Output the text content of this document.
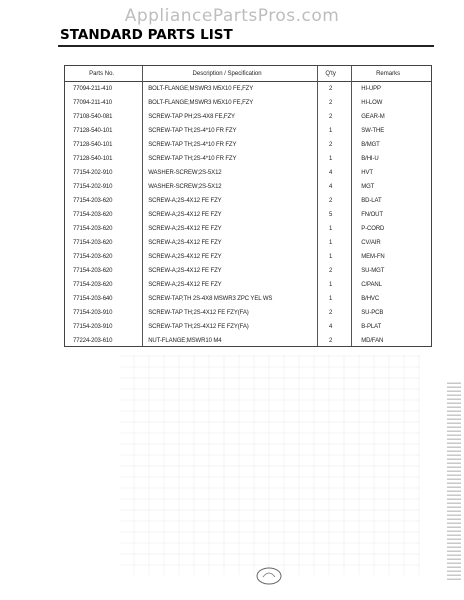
AppliancePartsPros.com
STANDARD PARTS LIST
Parts No.	Description / Specification	Q'ty	Remarks
77094-211-410	BOLT-FLANGE;MSWR3 M5X10 FE,FZY	2	HI-UPP
77094-211-410	BOLT-FLANGE;MSWR3 M5X10 FE,FZY	2	HI-LOW
77108-540-081	SCREW-TAP PH;2S-4X8 FE,FZY	2	GEAR-M
77128-540-101	SCREW-TAP TH;2S-4*10 FR FZY	1	SW-THE
77128-540-101	SCREW-TAP TH;2S-4*10 FR FZY	2	B/MGT
77128-540-101	SCREW-TAP TH;2S-4*10 FR FZY	1	B/HI-U
77154-202-910	WASHER-SCREW;2S-5X12	4	HVT
77154-202-910	WASHER-SCREW;2S-5X12	4	MGT
77154-203-620	SCREW-A;2S-4X12 FE FZY	2	BD-LAT
77154-203-620	SCREW-A;2S-4X12 FE FZY	5	FN/OUT
77154-203-620	SCREW-A;2S-4X12 FE FZY	1	P-CORD
77154-203-620	SCREW-A;2S-4X12 FE FZY	1	CV/AIR
77154-203-620	SCREW-A;2S-4X12 FE FZY	1	MEM-FN
77154-203-620	SCREW-A;2S-4X12 FE FZY	2	SU-MGT
77154-203-620	SCREW-A;2S-4X12 FE FZY	1	C/PANL
77154-203-640	SCREW-TAP,TH 2S-4X8 MSWR3 ZPC YEL WS	1	B/HVC
77154-203-910	SCREW-TAP TH;2S-4X12 FE FZY(FA)	2	SU-PCB
77154-203-910	SCREW-TAP TH;2S-4X12 FE FZY(FA)	4	B-PLAT
77224-203-610	NUT-FLANGE;MSWR10 M4	2	MD/FAN
